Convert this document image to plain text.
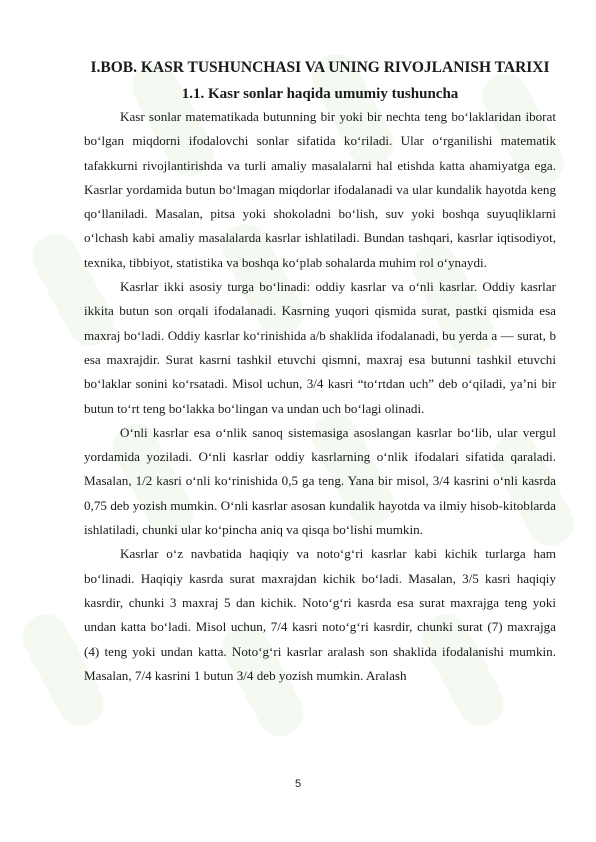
I.BOB. KASR TUSHUNCHASI VA UNING RIVOJLANISH TARIXI
1.1. Kasr sonlar haqida umumiy tushuncha

Kasr sonlar matematikada butunning bir yoki bir nechta teng bo‘laklaridan iborat bo‘lgan miqdorni ifodalovchi sonlar sifatida ko‘riladi. Ular o‘rganilishi matematik tafakkurni rivojlantirishda va turli amaliy masalalarni hal etishda katta ahamiyatga ega. Kasrlar yordamida butun bo‘lmagan miqdorlar ifodalanadi va ular kundalik hayotda keng qo‘llaniladi. Masalan, pitsa yoki shokoladni bo‘lish, suv yoki boshqa suyuqliklarni o‘lchash kabi amaliy masalalarda kasrlar ishlatiladi. Bundan tashqari, kasrlar iqtisodiyot, texnika, tibbiyot, statistika va boshqa ko‘plab sohalarda muhim rol o‘ynaydi.

Kasrlar ikki asosiy turga bo‘linadi: oddiy kasrlar va o‘nli kasrlar. Oddiy kasrlar ikkita butun son orqali ifodalanadi. Kasrning yuqori qismida surat, pastki qismida esa maxraj bo‘ladi. Oddiy kasrlar ko‘rinishida a/b shaklida ifodalanadi, bu yerda a — surat, b esa maxrajdir. Surat kasrni tashkil etuvchi qismni, maxraj esa butunni tashkil etuvchi bo‘laklar sonini ko‘rsatadi. Misol uchun, 3/4 kasri “to‘rtdan uch” deb o‘qiladi, ya’ni bir butun to‘rt teng bo‘lakka bo‘lingan va undan uch bo‘lagi olinadi.

O‘nli kasrlar esa o‘nlik sanoq sistemasiga asoslangan kasrlar bo‘lib, ular vergul yordamida yoziladi. O‘nli kasrlar oddiy kasrlarning o‘nlik ifodalari sifatida qaraladi. Masalan, 1/2 kasri o‘nli ko‘rinishida 0,5 ga teng. Yana bir misol, 3/4 kasrini o‘nli kasrda 0,75 deb yozish mumkin. O‘nli kasrlar asosan kundalik hayotda va ilmiy hisob-kitoblarda ishlatiladi, chunki ular ko‘pincha aniq va qisqa bo‘lishi mumkin.

Kasrlar o‘z navbatida haqiqiy va noto‘g‘ri kasrlar kabi kichik turlarga ham bo‘linadi. Haqiqiy kasrda surat maxrajdan kichik bo‘ladi. Masalan, 3/5 kasri haqiqiy kasrdir, chunki 3 maxraj 5 dan kichik. Noto‘g‘ri kasrda esa surat maxrajga teng yoki undan katta bo‘ladi. Misol uchun, 7/4 kasri noto‘g‘ri kasrdir, chunki surat (7) maxrajga (4) teng yoki undan katta. Noto‘g‘ri kasrlar aralash son shaklida ifodalanishi mumkin. Masalan, 7/4 kasrini 1 butun 3/4 deb yozish mumkin. Aralash

5
